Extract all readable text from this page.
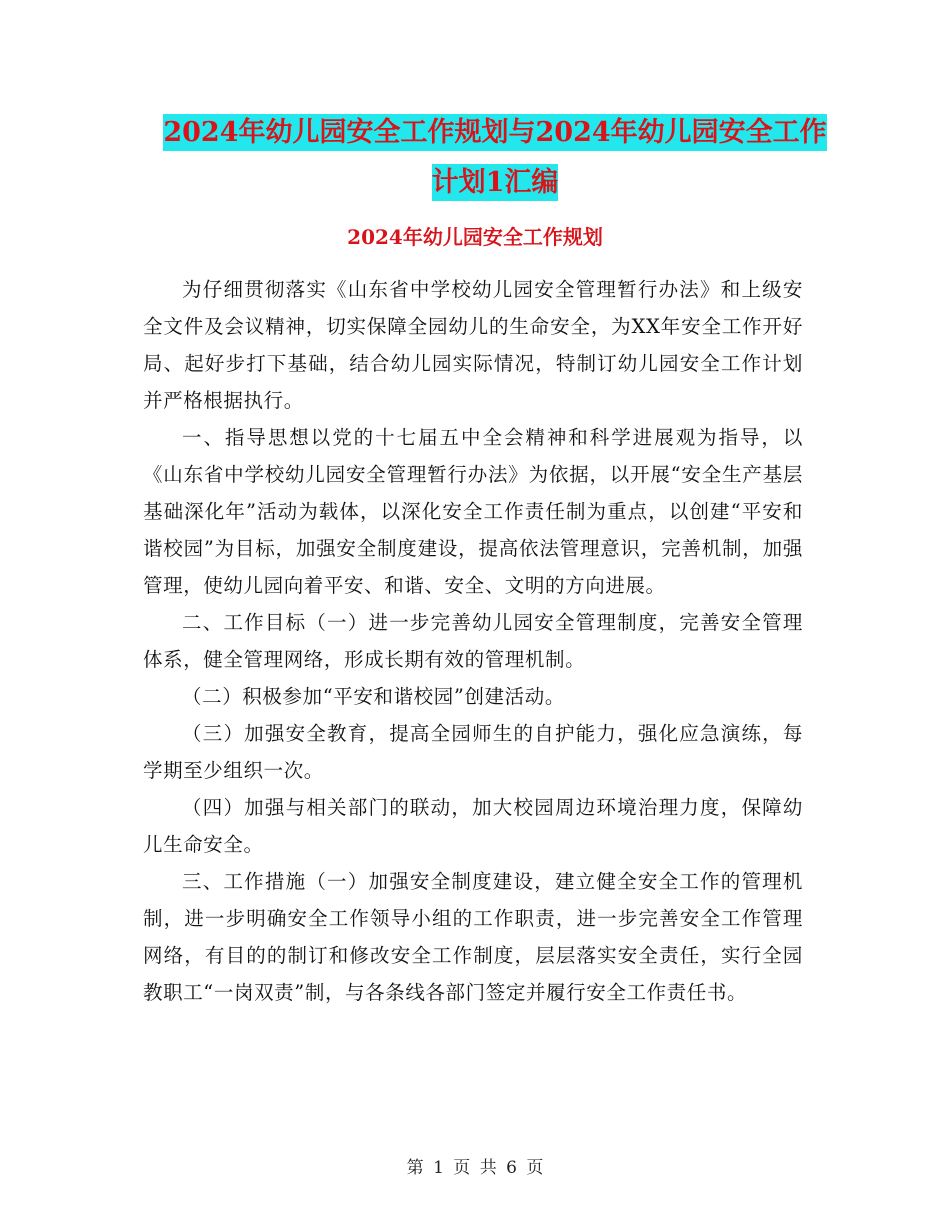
2024年幼儿园安全工作规划与2024年幼儿园安全工作
计划1汇编
2024年幼儿园安全工作规划

为仔细贯彻落实《山东省中学校幼儿园安全管理暂行办法》和上级安全文件及会议精神，切实保障全园幼儿的生命安全，为XX年安全工作开好局、起好步打下基础，结合幼儿园实际情况，特制订幼儿园安全工作计划并严格根据执行。

一、指导思想以党的十七届五中全会精神和科学进展观为指导，以《山东省中学校幼儿园安全管理暂行办法》为依据，以开展“安全生产基层基础深化年”活动为载体，以深化安全工作责任制为重点，以创建“平安和谐校园”为目标，加强安全制度建设，提高依法管理意识，完善机制，加强管理，使幼儿园向着平安、和谐、安全、文明的方向进展。

二、工作目标（一）进一步完善幼儿园安全管理制度，完善安全管理体系，健全管理网络，形成长期有效的管理机制。

（二）积极参加“平安和谐校园”创建活动。

（三）加强安全教育，提高全园师生的自护能力，强化应急演练，每学期至少组织一次。

（四）加强与相关部门的联动，加大校园周边环境治理力度，保障幼儿生命安全。

三、工作措施（一）加强安全制度建设，建立健全安全工作的管理机制，进一步明确安全工作领导小组的工作职责，进一步完善安全工作管理网络，有目的的制订和修改安全工作制度，层层落实安全责任，实行全园教职工“一岗双责”制，与各条线各部门签定并履行安全工作责任书。

第 1 页 共 6 页
